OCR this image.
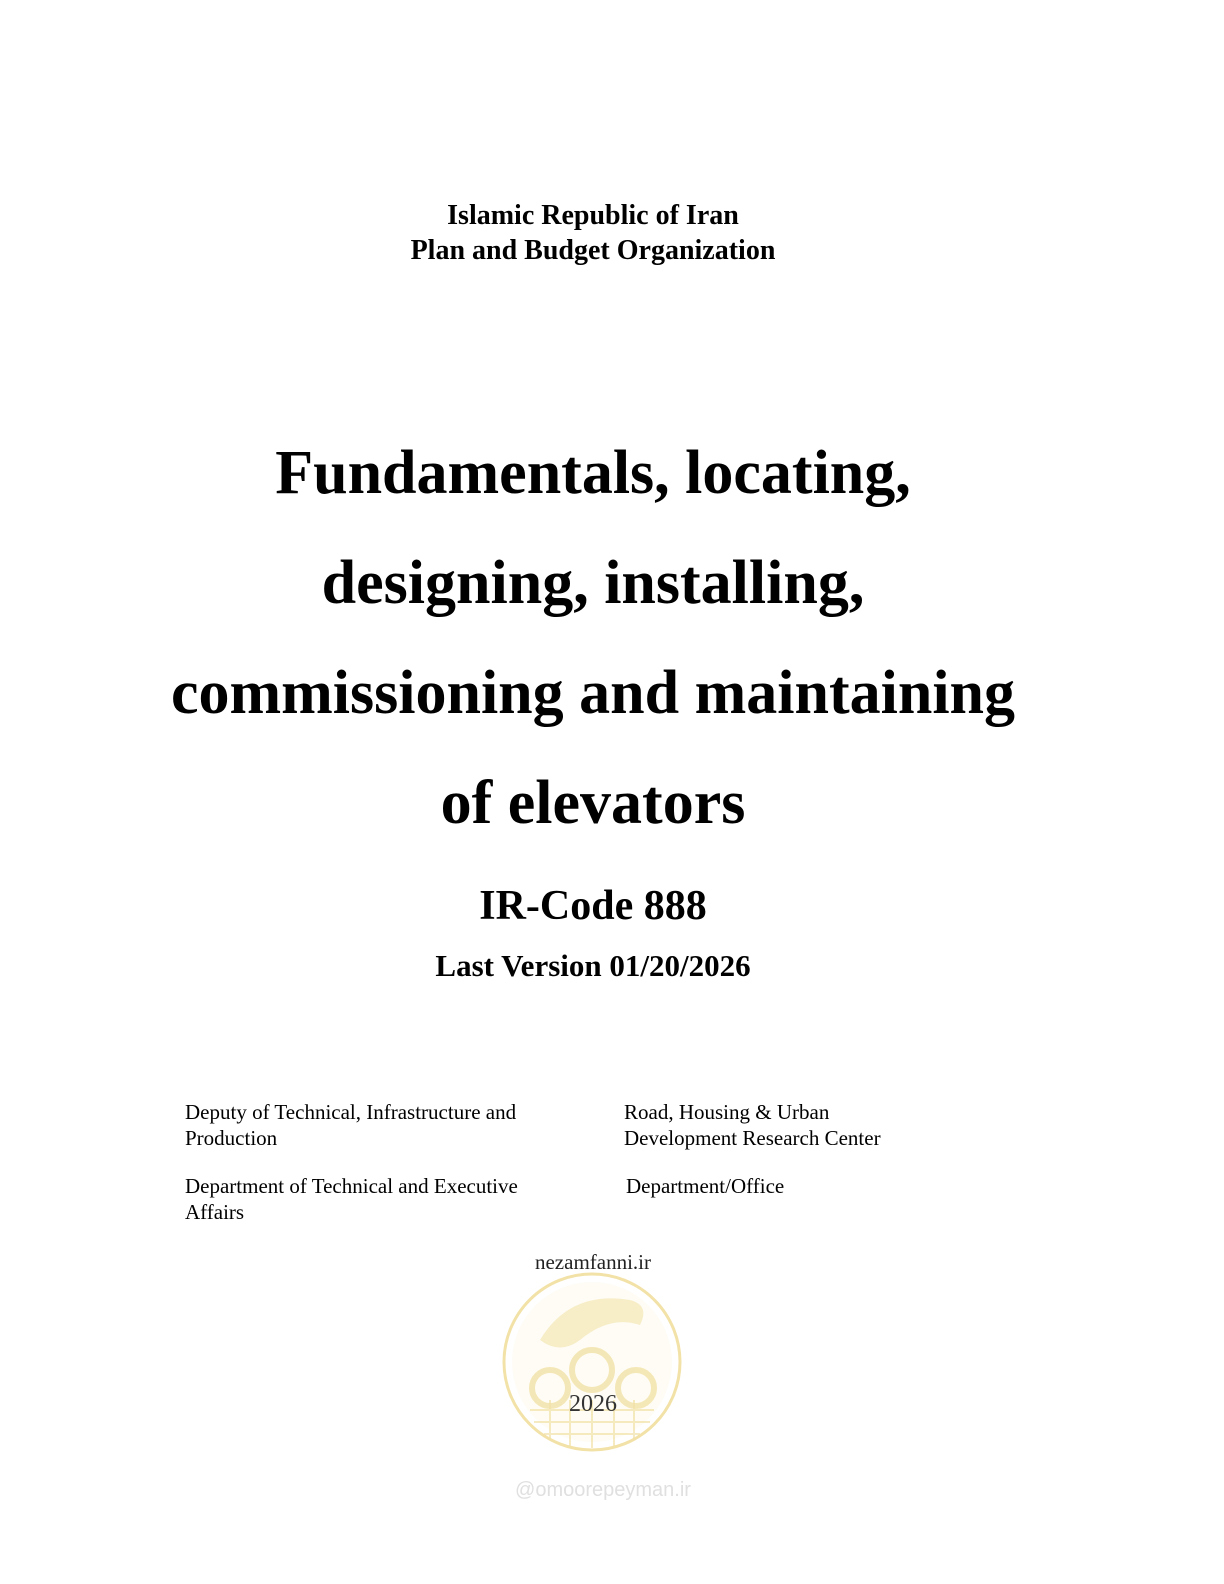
Islamic Republic of Iran
Plan and Budget Organization
Fundamentals, locating,
designing, installing,
commissioning and maintaining
of elevators
IR-Code 888
Last Version 01/20/2026
Deputy of Technical, Infrastructure and
Production
Road, Housing & Urban
Development Research Center
Department of Technical and Executive
Affairs
Department/Office
nezamfanni.ir
2026
@omoorepeyman.ir
